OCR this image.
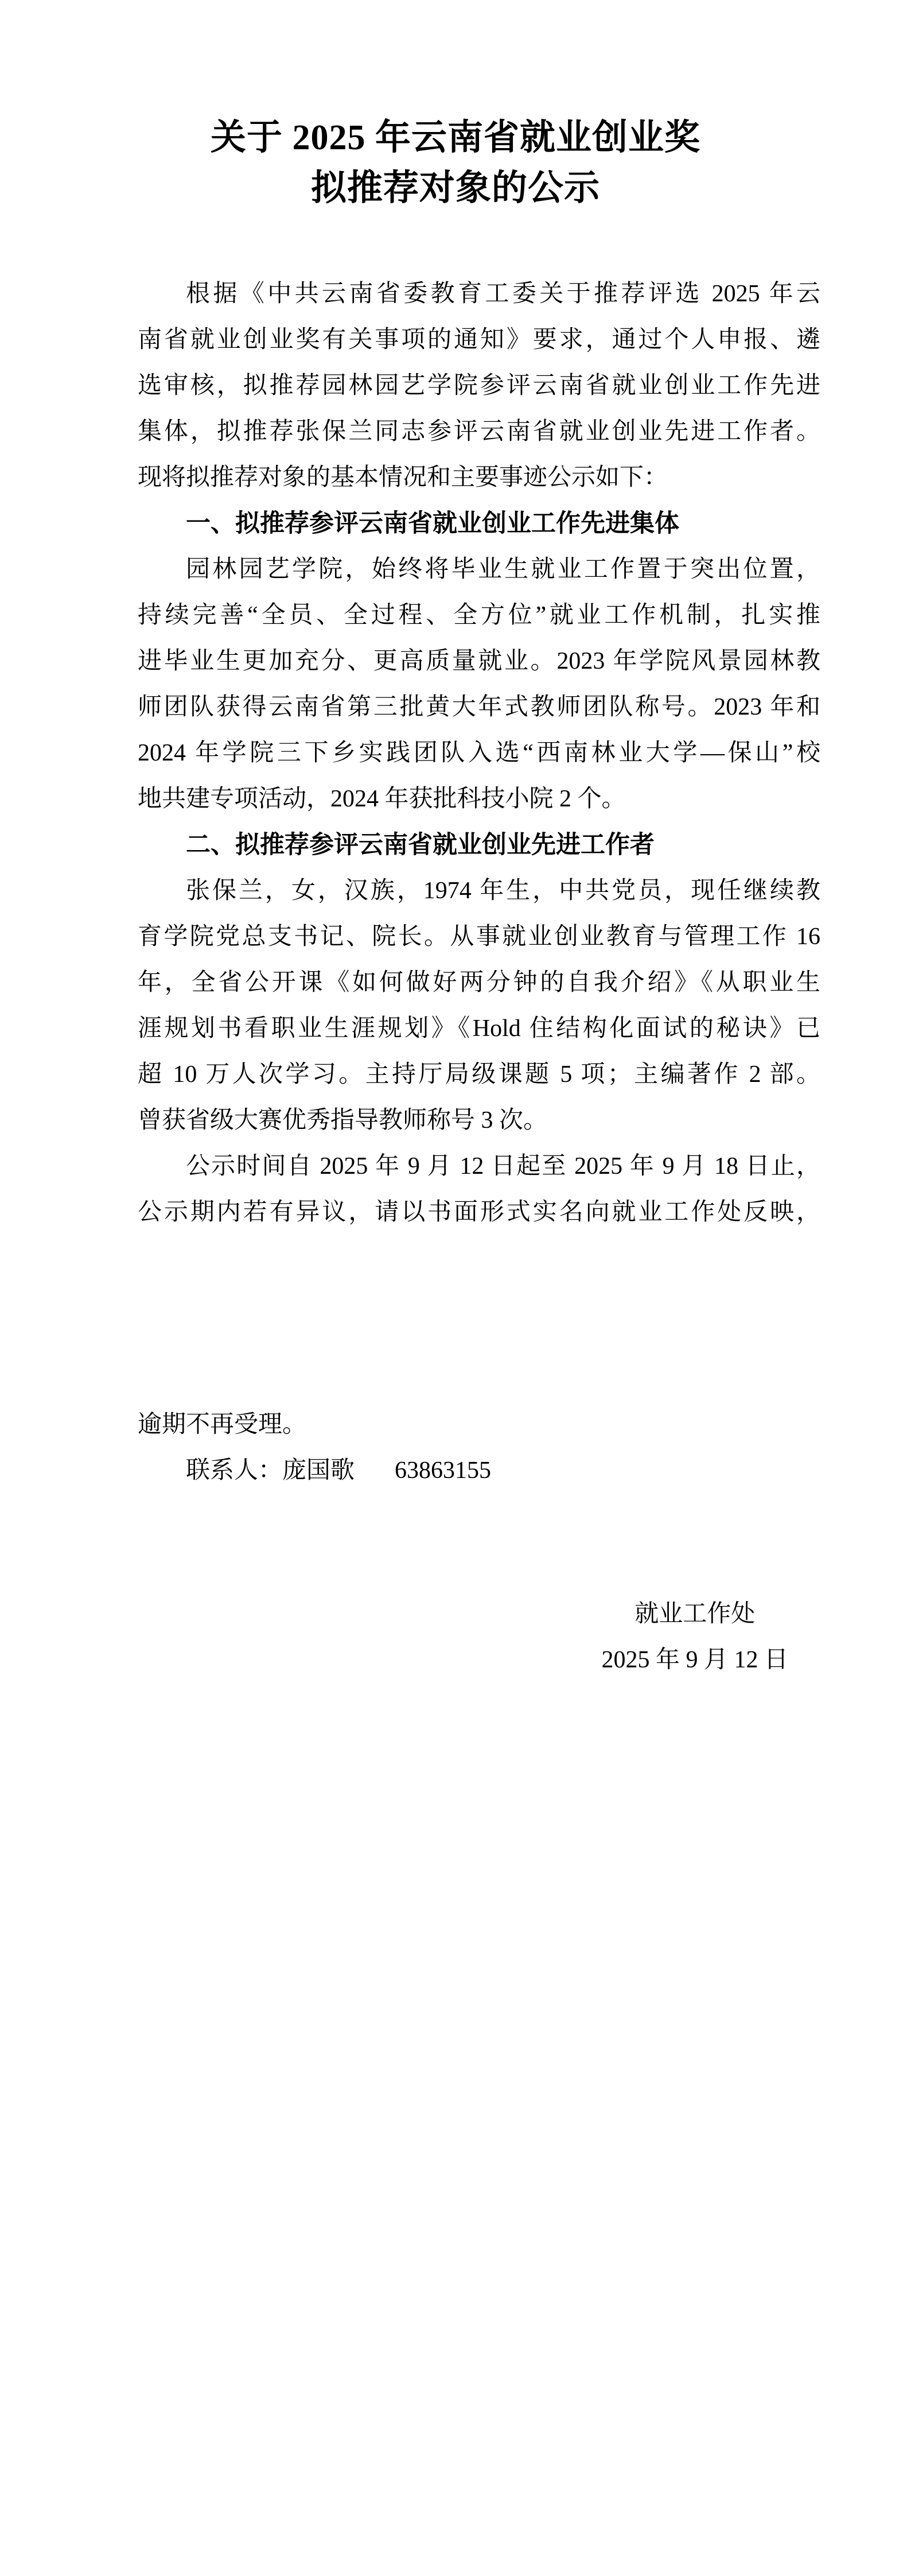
关于 2025 年云南省就业创业奖
拟推荐对象的公示
根据《中共云南省委教育工委关于推荐评选 2025 年云
南省就业创业奖有关事项的通知》要求，通过个人申报、遴
选审核，拟推荐园林园艺学院参评云南省就业创业工作先进
集体，拟推荐张保兰同志参评云南省就业创业先进工作者。
现将拟推荐对象的基本情况和主要事迹公示如下：
一、拟推荐参评云南省就业创业工作先进集体
园林园艺学院，始终将毕业生就业工作置于突出位置，
持续完善“全员、全过程、全方位”就业工作机制，扎实推
进毕业生更加充分、更高质量就业。2023 年学院风景园林教
师团队获得云南省第三批黄大年式教师团队称号。2023 年和
2024 年学院三下乡实践团队入选“西南林业大学—保山”校
地共建专项活动，2024 年获批科技小院 2 个。
二、拟推荐参评云南省就业创业先进工作者
张保兰，女，汉族，1974 年生，中共党员，现任继续教
育学院党总支书记、院长。从事就业创业教育与管理工作 16
年，全省公开课《如何做好两分钟的自我介绍》《从职业生
涯规划书看职业生涯规划》《Hold 住结构化面试的秘诀》已
超 10 万人次学习。主持厅局级课题 5 项；主编著作 2 部。
曾获省级大赛优秀指导教师称号 3 次。
公示时间自 2025 年 9 月 12 日起至 2025 年 9 月 18 日止，
公示期内若有异议，请以书面形式实名向就业工作处反映，
逾期不再受理。
联系人：庞国歌 63863155
就业工作处
2025 年 9 月 12 日
